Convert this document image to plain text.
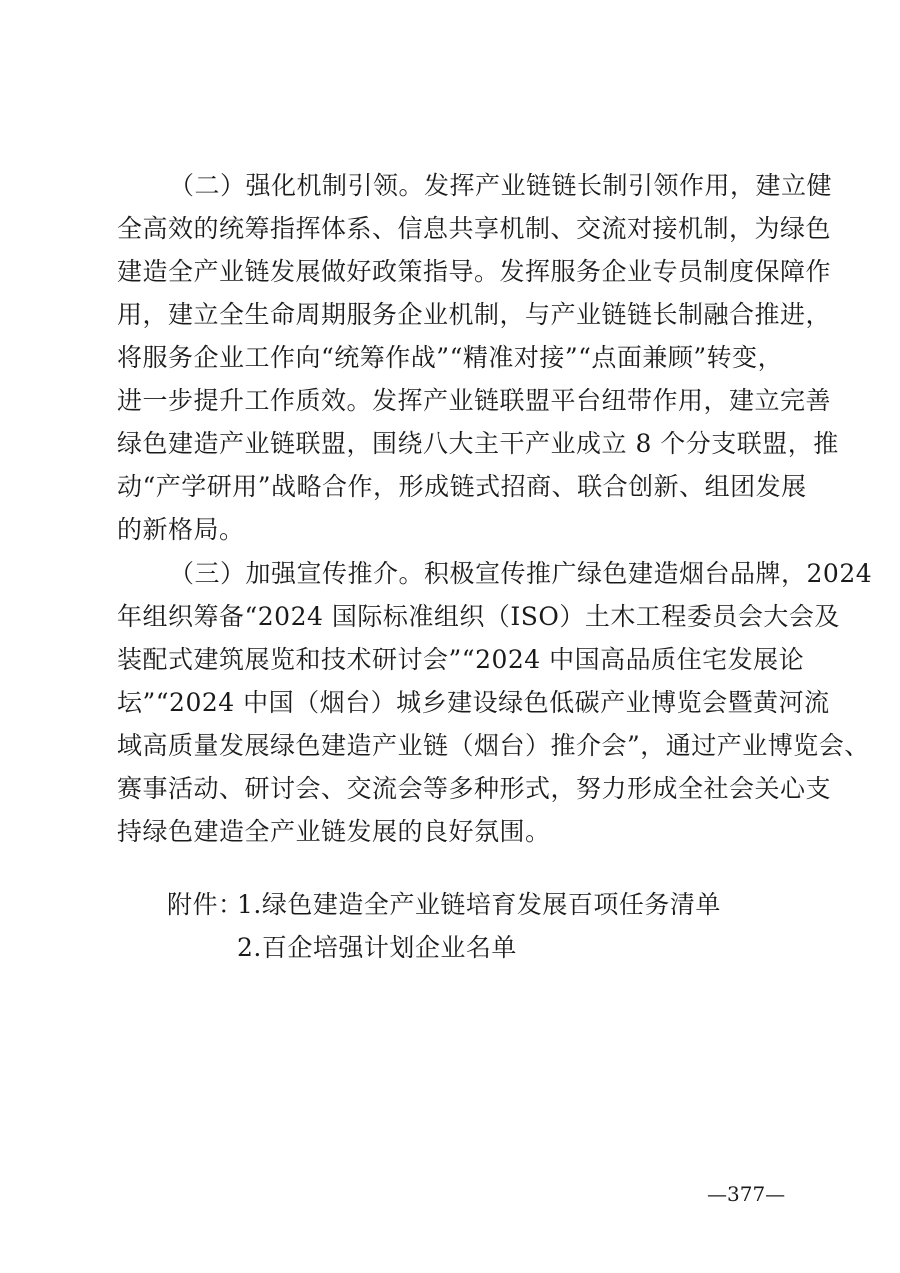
（二）强化机制引领。发挥产业链链长制引领作用，建立健
全高效的统筹指挥体系、信息共享机制、交流对接机制，为绿色
建造全产业链发展做好政策指导。发挥服务企业专员制度保障作
用，建立全生命周期服务企业机制，与产业链链长制融合推进，
将服务企业工作向“统筹作战”“精准对接”“点面兼顾”转变，
进一步提升工作质效。发挥产业链联盟平台纽带作用，建立完善
绿色建造产业链联盟，围绕八大主干产业成立 8 个分支联盟，推
动“产学研用”战略合作，形成链式招商、联合创新、组团发展
的新格局。
（三）加强宣传推介。积极宣传推广绿色建造烟台品牌，2024
年组织筹备“2024 国际标准组织（ISO）土木工程委员会大会及
装配式建筑展览和技术研讨会”“2024 中国高品质住宅发展论
坛”“2024 中国（烟台）城乡建设绿色低碳产业博览会暨黄河流
域高质量发展绿色建造产业链（烟台）推介会”，通过产业博览会、
赛事活动、研讨会、交流会等多种形式，努力形成全社会关心支
持绿色建造全产业链发展的良好氛围。
附件：
1.绿色建造全产业链培育发展百项任务清单
2.百企培强计划企业名单
—377—
